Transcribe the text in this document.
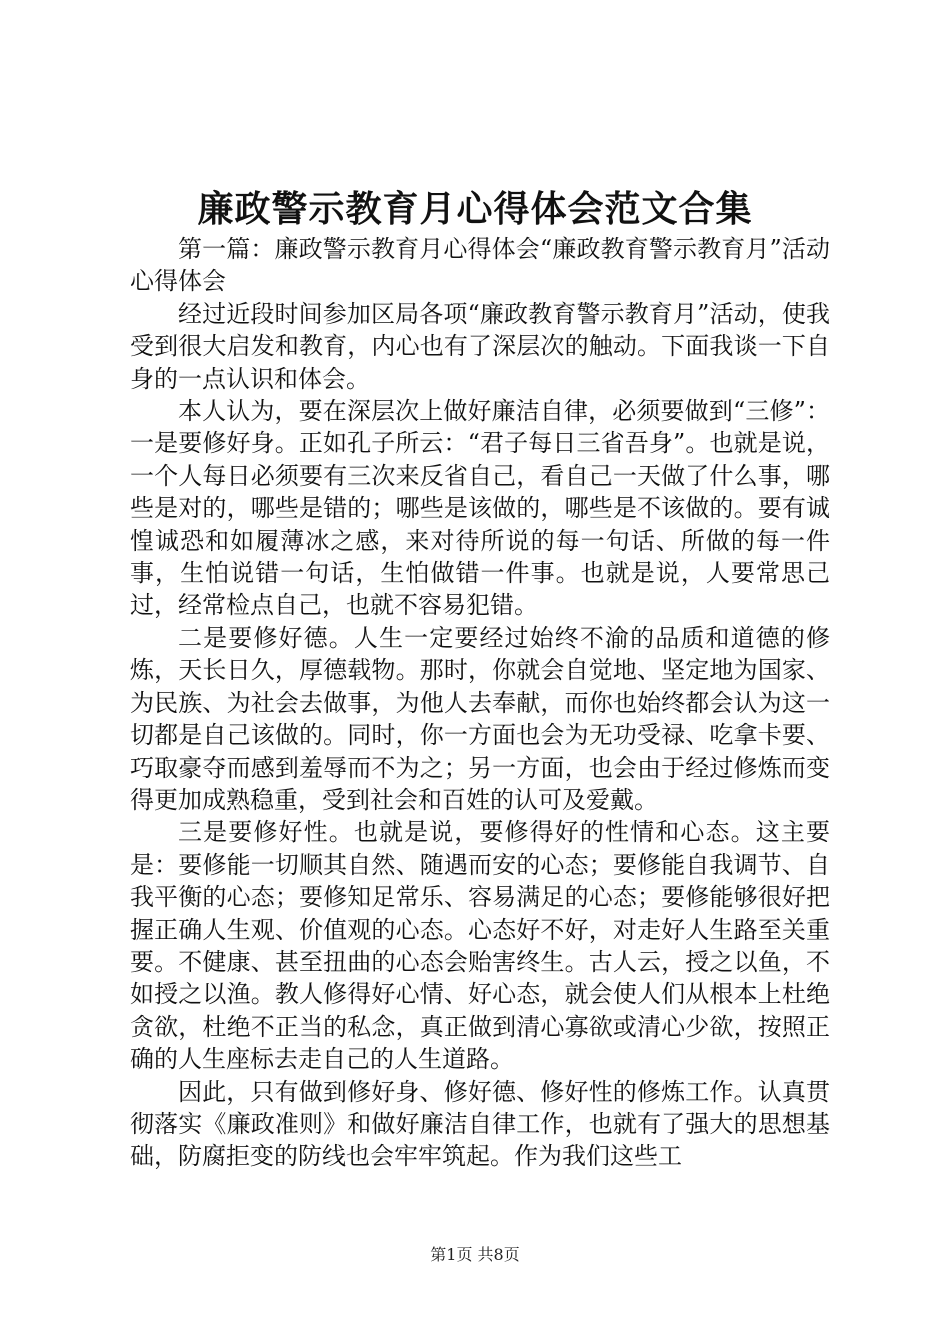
廉政警示教育月心得体会范文合集

第一篇：廉政警示教育月心得体会“廉政教育警示教育月”活动心得体会

经过近段时间参加区局各项“廉政教育警示教育月”活动，使我受到很大启发和教育，内心也有了深层次的触动。下面我谈一下自身的一点认识和体会。

本人认为，要在深层次上做好廉洁自律，必须要做到“三修”：一是要修好身。正如孔子所云：“君子每日三省吾身”。也就是说，一个人每日必须要有三次来反省自己，看自己一天做了什么事，哪些是对的，哪些是错的；哪些是该做的，哪些是不该做的。要有诚惶诚恐和如履薄冰之感，来对待所说的每一句话、所做的每一件事，生怕说错一句话，生怕做错一件事。也就是说，人要常思己过，经常检点自己，也就不容易犯错。

二是要修好德。人生一定要经过始终不渝的品质和道德的修炼，天长日久，厚德载物。那时，你就会自觉地、坚定地为国家、为民族、为社会去做事，为他人去奉献，而你也始终都会认为这一切都是自己该做的。同时，你一方面也会为无功受禄、吃拿卡要、巧取豪夺而感到羞辱而不为之；另一方面，也会由于经过修炼而变得更加成熟稳重，受到社会和百姓的认可及爱戴。

三是要修好性。也就是说，要修得好的性情和心态。这主要是：要修能一切顺其自然、随遇而安的心态；要修能自我调节、自我平衡的心态；要修知足常乐、容易满足的心态；要修能够很好把握正确人生观、价值观的心态。心态好不好，对走好人生路至关重要。不健康、甚至扭曲的心态会贻害终生。古人云，授之以鱼，不如授之以渔。教人修得好心情、好心态，就会使人们从根本上杜绝贪欲，杜绝不正当的私念，真正做到清心寡欲或清心少欲，按照正确的人生座标去走自己的人生道路。

因此，只有做到修好身、修好德、修好性的修炼工作。认真贯彻落实《廉政准则》和做好廉洁自律工作，也就有了强大的思想基础，防腐拒变的防线也会牢牢筑起。作为我们这些工

第1页 共8页
